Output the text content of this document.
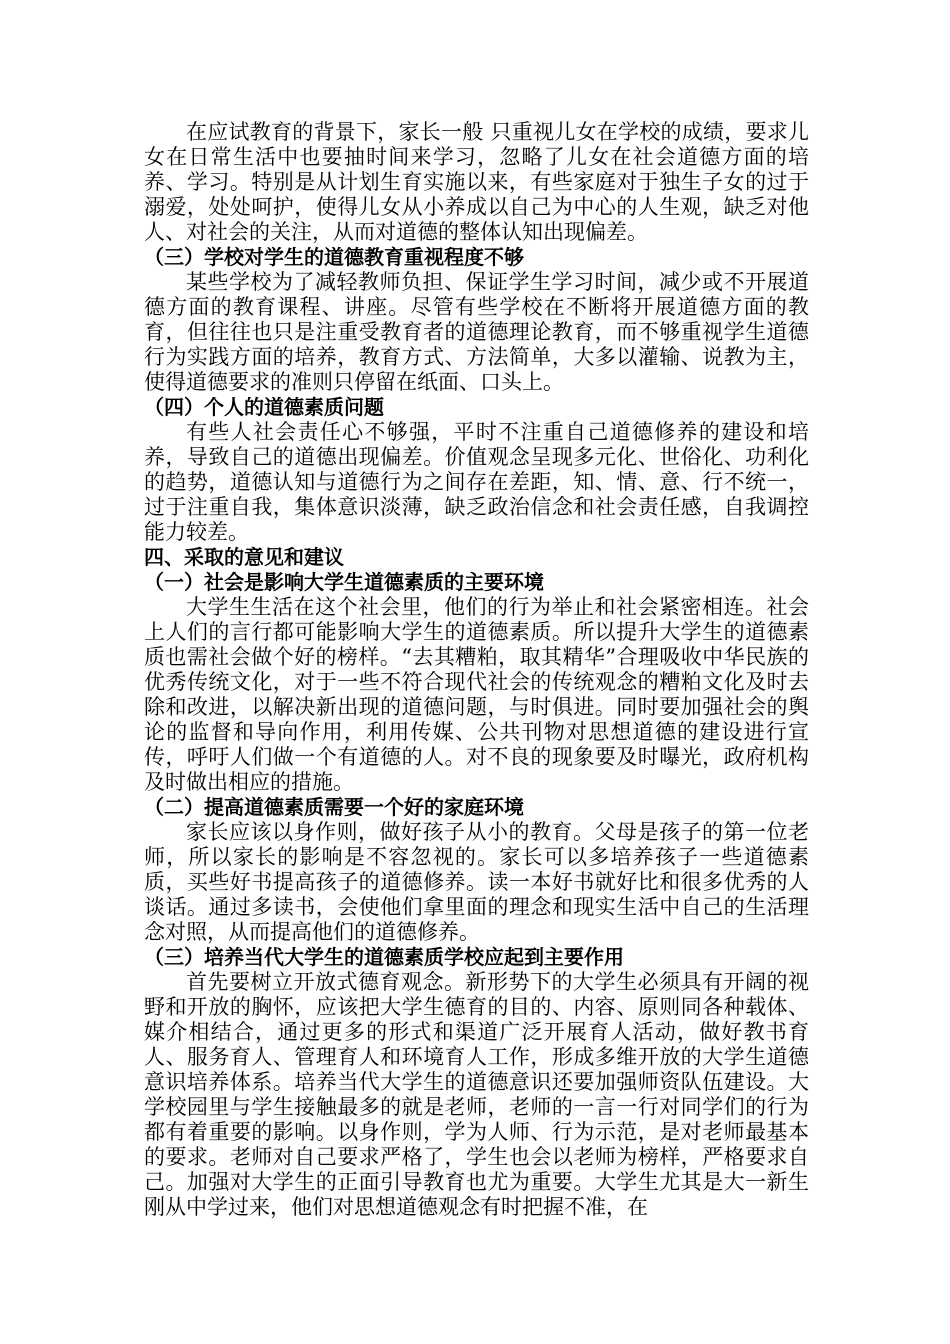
在应试教育的背景下，家长一般 只重视儿女在学校的成绩，要求儿女在日常生活中也要抽时间来学习，忽略了儿女在社会道德方面的培养、学习。特别是从计划生育实施以来，有些家庭对于独生子女的过于溺爱，处处呵护，使得儿女从小养成以自己为中心的人生观，缺乏对他人、对社会的关注，从而对道德的整体认知出现偏差。

（三）学校对学生的道德教育重视程度不够

某些学校为了减轻教师负担、保证学生学习时间，减少或不开展道德方面的教育课程、讲座。尽管有些学校在不断将开展道德方面的教育，但往往也只是注重受教育者的道德理论教育，而不够重视学生道德行为实践方面的培养，教育方式、方法简单，大多以灌输、说教为主，使得道德要求的准则只停留在纸面、口头上。

（四）个人的道德素质问题

有些人社会责任心不够强，平时不注重自己道德修养的建设和培养，导致自己的道德出现偏差。价值观念呈现多元化、世俗化、功利化的趋势，道德认知与道德行为之间存在差距，知、情、意、行不统一，过于注重自我，集体意识淡薄，缺乏政治信念和社会责任感，自我调控能力较差。

四、采取的意见和建议

（一）社会是影响大学生道德素质的主要环境

大学生生活在这个社会里，他们的行为举止和社会紧密相连。社会上人们的言行都可能影响大学生的道德素质。所以提升大学生的道德素质也需社会做个好的榜样。“去其糟粕，取其精华”合理吸收中华民族的优秀传统文化，对于一些不符合现代社会的传统观念的糟粕文化及时去除和改进，以解决新出现的道德问题，与时俱进。同时要加强社会的舆论的监督和导向作用，利用传媒、公共刊物对思想道德的建设进行宣传，呼吁人们做一个有道德的人。对不良的现象要及时曝光，政府机构及时做出相应的措施。

（二）提高道德素质需要一个好的家庭环境

家长应该以身作则，做好孩子从小的教育。父母是孩子的第一位老师，所以家长的影响是不容忽视的。家长可以多培养孩子一些道德素质，买些好书提高孩子的道德修养。读一本好书就好比和很多优秀的人谈话。通过多读书，会使他们拿里面的理念和现实生活中自己的生活理念对照，从而提高他们的道德修养。

（三）培养当代大学生的道德素质学校应起到主要作用

首先要树立开放式德育观念。新形势下的大学生必须具有开阔的视野和开放的胸怀，应该把大学生德育的目的、内容、原则同各种载体、媒介相结合，通过更多的形式和渠道广泛开展育人活动，做好教书育人、服务育人、管理育人和环境育人工作，形成多维开放的大学生道德意识培养体系。培养当代大学生的道德意识还要加强师资队伍建设。大学校园里与学生接触最多的就是老师，老师的一言一行对同学们的行为都有着重要的影响。以身作则，学为人师、行为示范，是对老师最基本的要求。老师对自己要求严格了，学生也会以老师为榜样，严格要求自己。加强对大学生的正面引导教育也尤为重要。大学生尤其是大一新生刚从中学过来，他们对思想道德观念有时把握不准，在
